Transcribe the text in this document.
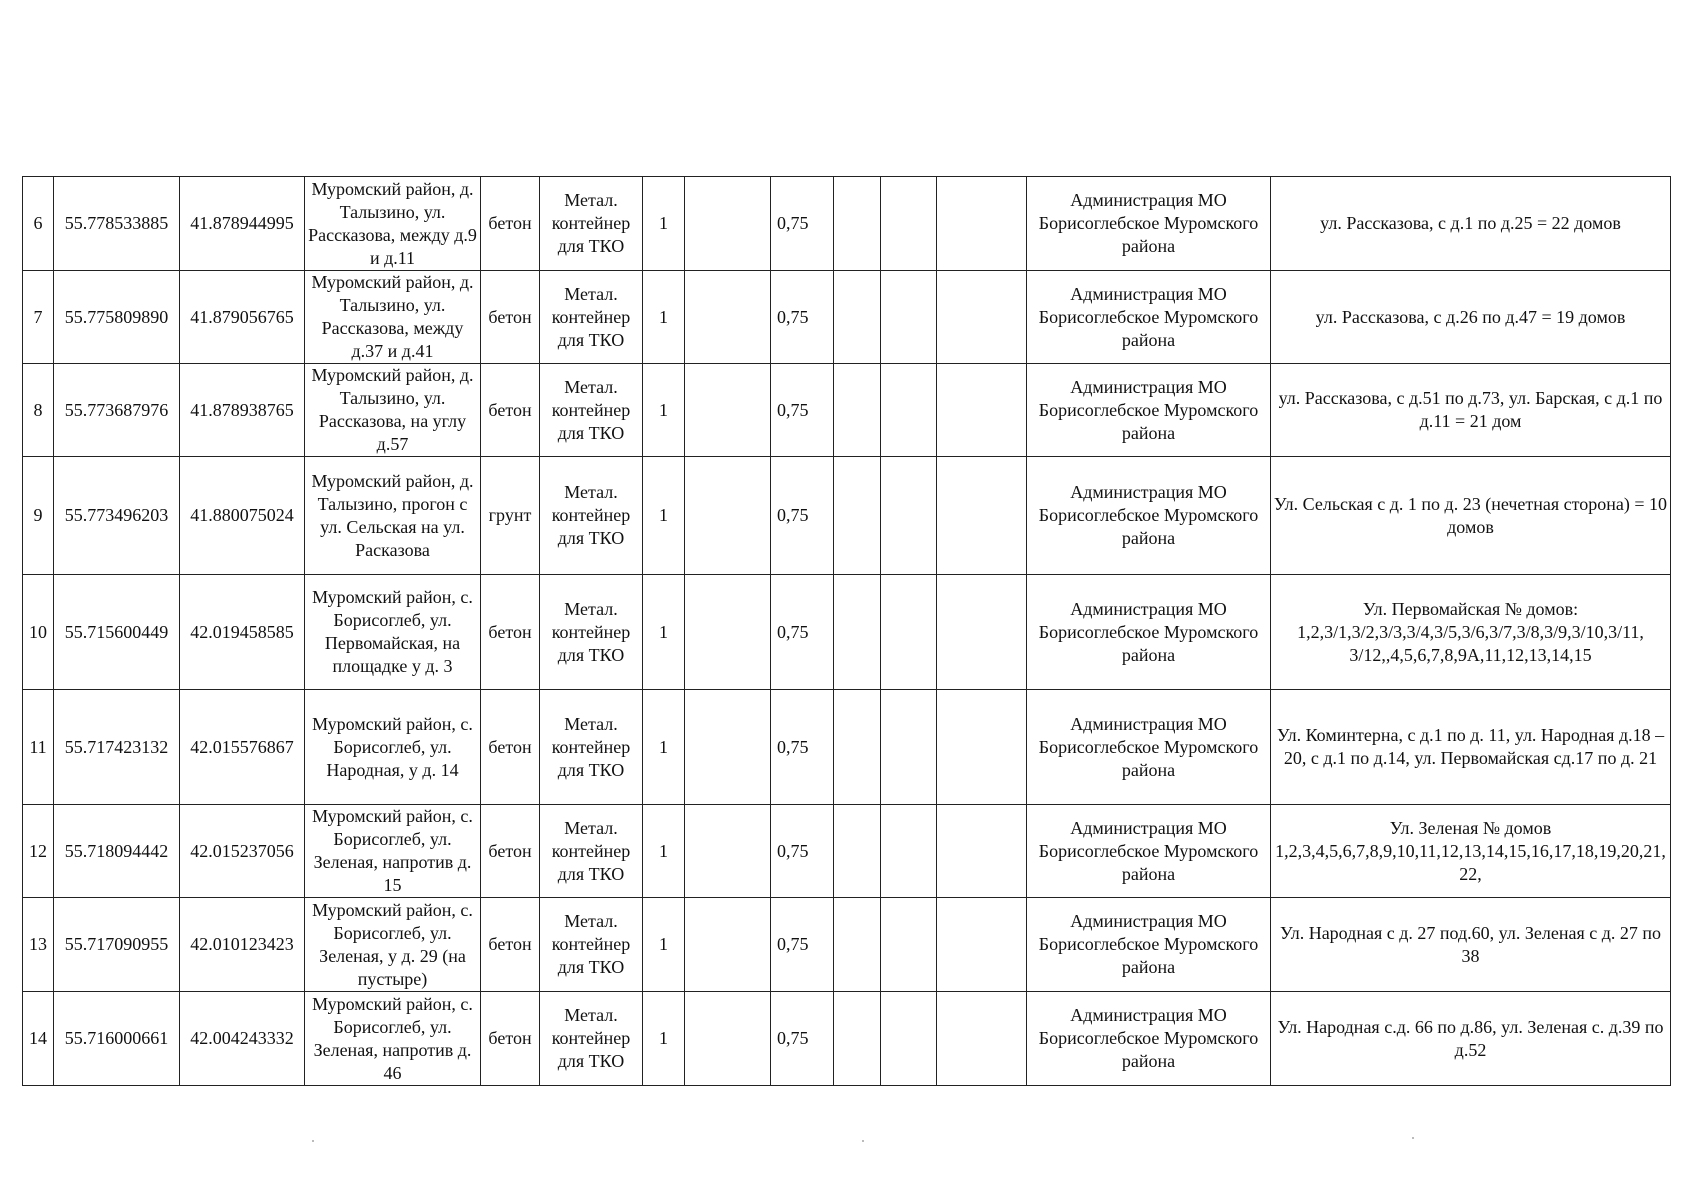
6	55.778533885	41.878944995	Муромский район, д. Талызино, ул. Рассказова, между д.9 и д.11	бетон	Метал. контейнер для ТКО	1		0,75				Администрация МО Борисоглебское Муромского района	ул. Рассказова, с д.1 по д.25 = 22 домов
7	55.775809890	41.879056765	Муромский район, д. Талызино, ул. Рассказова, между д.37 и д.41	бетон	Метал. контейнер для ТКО	1		0,75				Администрация МО Борисоглебское Муромского района	ул. Рассказова, с д.26 по д.47 = 19 домов
8	55.773687976	41.878938765	Муромский район, д. Талызино, ул. Рассказова, на углу д.57	бетон	Метал. контейнер для ТКО	1		0,75				Администрация МО Борисоглебское Муромского района	ул. Рассказова, с д.51 по д.73, ул. Барская, с д.1 по д.11 = 21 дом
9	55.773496203	41.880075024	Муромский район, д. Талызино, прогон с ул. Сельская на ул. Расказова	грунт	Метал. контейнер для ТКО	1		0,75				Администрация МО Борисоглебское Муромского района	Ул. Сельская с д. 1 по д. 23 (нечетная сторона) = 10 домов
10	55.715600449	42.019458585	Муромский район, с. Борисоглеб, ул. Первомайская, на площадке у д. 3	бетон	Метал. контейнер для ТКО	1		0,75				Администрация МО Борисоглебское Муромского района	Ул. Первомайская № домов: 1,2,3/1,3/2,3/3,3/4,3/5,3/6,3/7,3/8,3/9,3/10,3/11, 3/12,,4,5,6,7,8,9А,11,12,13,14,15
11	55.717423132	42.015576867	Муромский район, с. Борисоглеб, ул. Народная, у д. 14	бетон	Метал. контейнер для ТКО	1		0,75				Администрация МО Борисоглебское Муромского района	Ул. Коминтерна, с д.1 по д. 11, ул. Народная д.18 – 20, с д.1 по д.14, ул. Первомайская сд.17 по д. 21
12	55.718094442	42.015237056	Муромский район, с. Борисоглеб, ул. Зеленая, напротив д. 15	бетон	Метал. контейнер для ТКО	1		0,75				Администрация МО Борисоглебское Муромского района	Ул. Зеленая № домов 1,2,3,4,5,6,7,8,9,10,11,12,13,14,15,16,17,18,19,20,21,22,
13	55.717090955	42.010123423	Муромский район, с. Борисоглеб, ул. Зеленая, у д. 29 (на пустыре)	бетон	Метал. контейнер для ТКО	1		0,75				Администрация МО Борисоглебское Муромского района	Ул. Народная с д. 27 под.60, ул. Зеленая с д. 27 по 38
14	55.716000661	42.004243332	Муромский район, с. Борисоглеб, ул. Зеленая, напротив д. 46	бетон	Метал. контейнер для ТКО	1		0,75				Администрация МО Борисоглебское Муромского района	Ул. Народная с.д. 66 по д.86, ул. Зеленая с. д.39 по д.52
